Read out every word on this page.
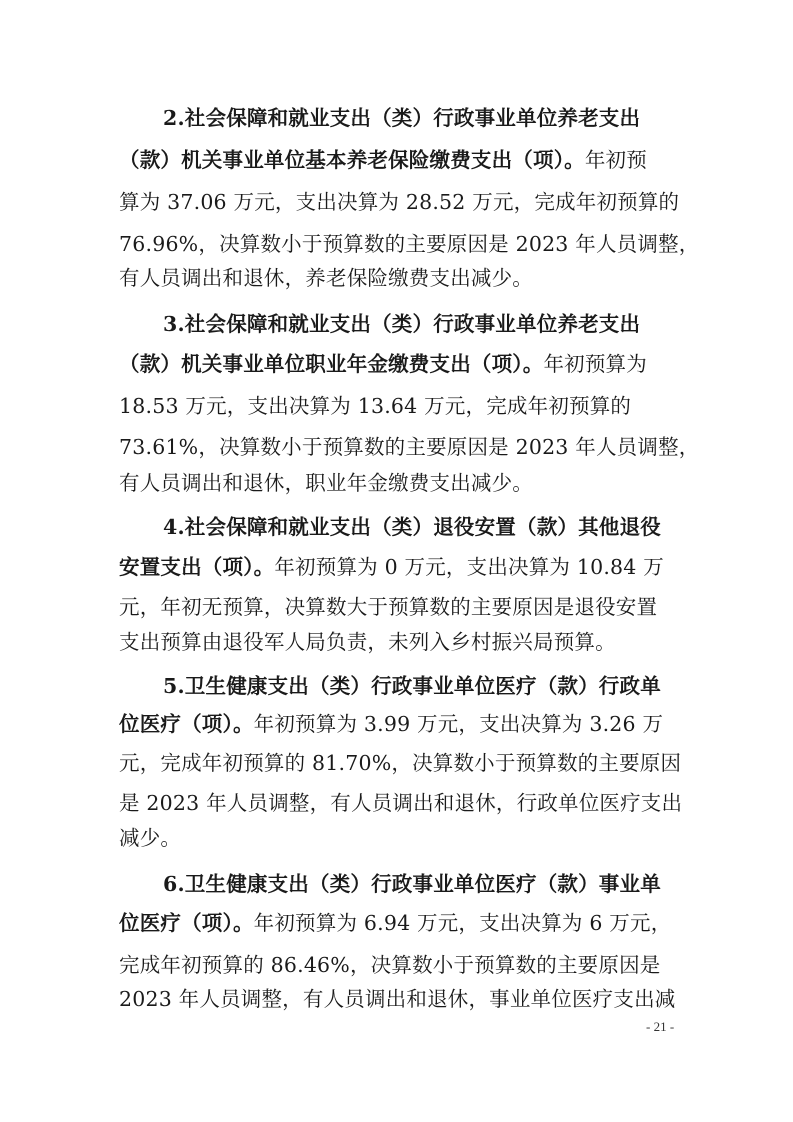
2.社会保障和就业支出（类）行政事业单位养老支出
（款）机关事业单位基本养老保险缴费支出（项）。年初预
算为 37.06 万元，支出决算为 28.52 万元，完成年初预算的
76.96%，决算数小于预算数的主要原因是 2023 年人员调整，
有人员调出和退休，养老保险缴费支出减少。
3.社会保障和就业支出（类）行政事业单位养老支出
（款）机关事业单位职业年金缴费支出（项）。年初预算为
18.53 万元，支出决算为 13.64 万元，完成年初预算的
73.61%，决算数小于预算数的主要原因是 2023 年人员调整，
有人员调出和退休，职业年金缴费支出减少。
4.社会保障和就业支出（类）退役安置（款）其他退役
安置支出（项）。年初预算为 0 万元，支出决算为 10.84 万
元，年初无预算，决算数大于预算数的主要原因是退役安置
支出预算由退役军人局负责，未列入乡村振兴局预算。
5.卫生健康支出（类）行政事业单位医疗（款）行政单
位医疗（项）。年初预算为 3.99 万元，支出决算为 3.26 万
元，完成年初预算的 81.70%，决算数小于预算数的主要原因
是 2023 年人员调整，有人员调出和退休，行政单位医疗支出
减少。
6.卫生健康支出（类）行政事业单位医疗（款）事业单
位医疗（项）。年初预算为 6.94 万元，支出决算为 6 万元，
完成年初预算的 86.46%，决算数小于预算数的主要原因是
2023 年人员调整，有人员调出和退休，事业单位医疗支出减
- 21 -
